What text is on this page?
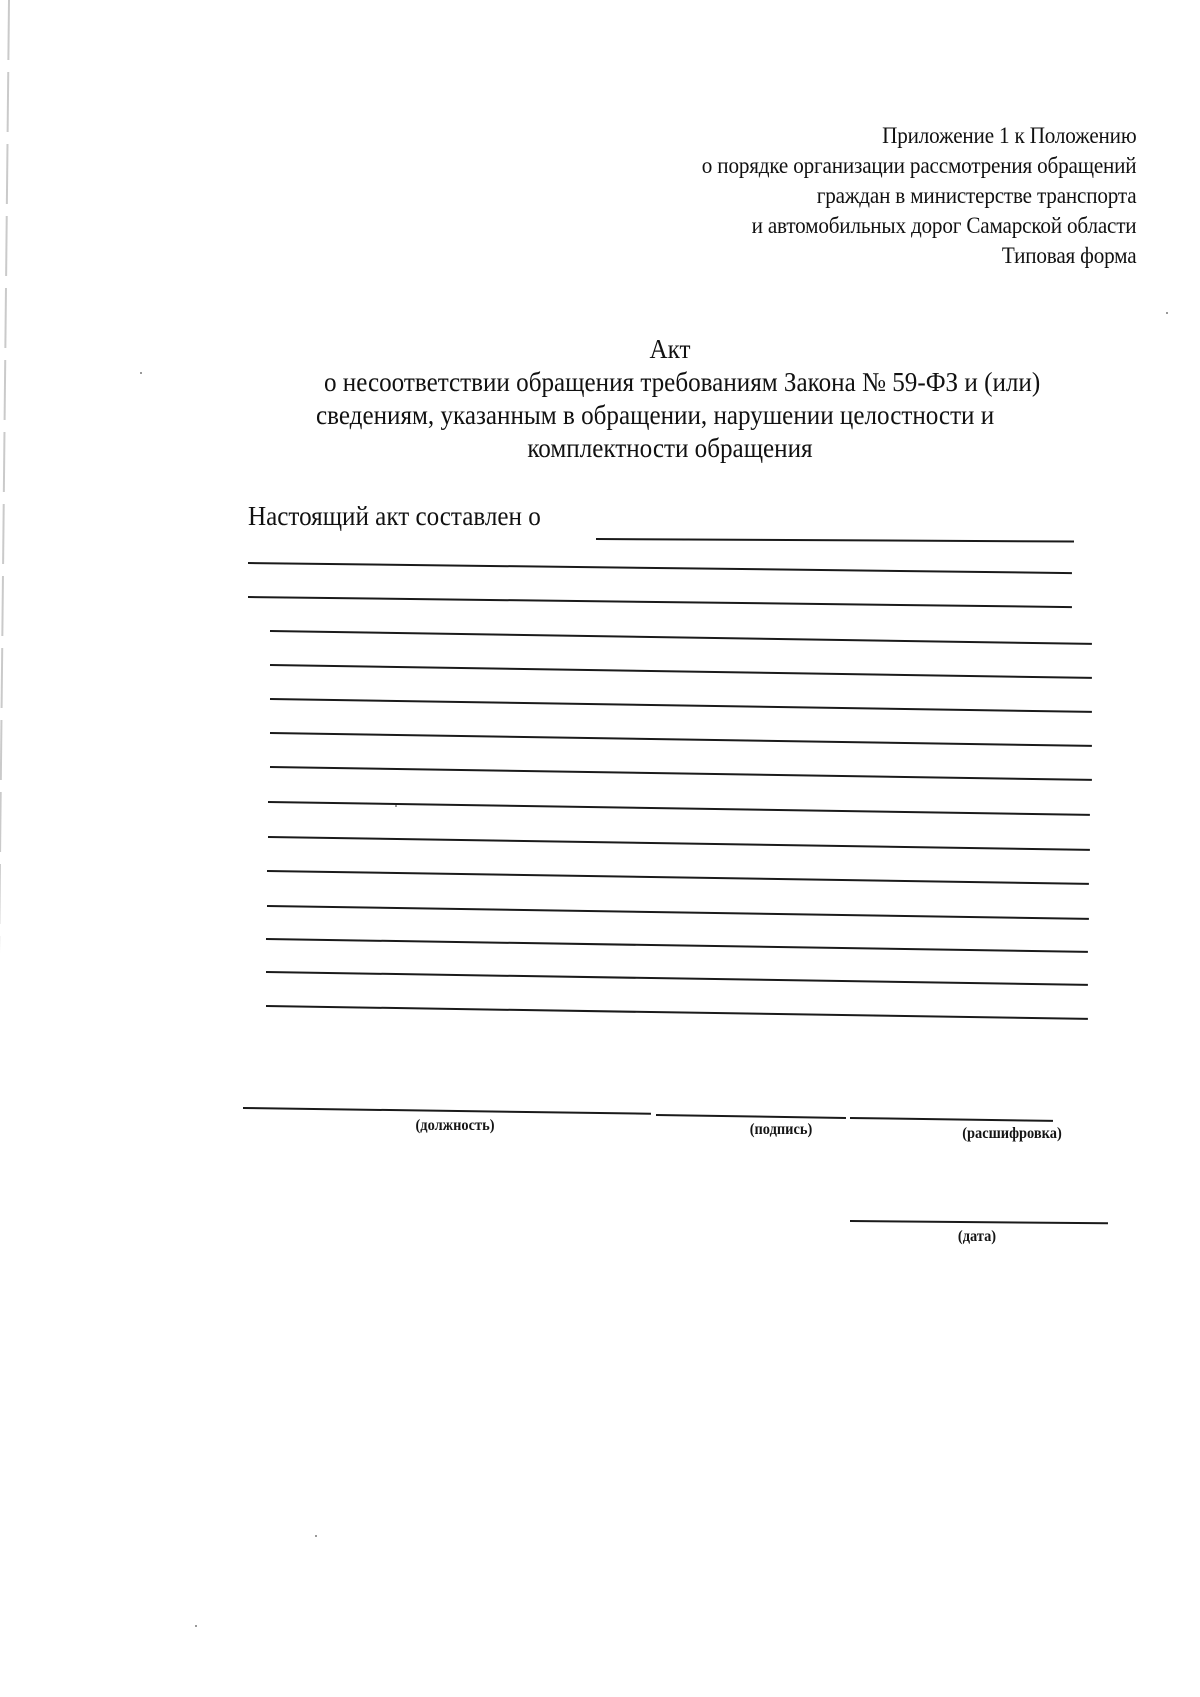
Приложение 1 к Положению
о порядке организации рассмотрения обращений
граждан в министерстве транспорта
и автомобильных дорог Самарской области
Типовая форма
Акт
о несоответствии обращения требованиям Закона № 59-ФЗ и (или)
сведениям, указанным в обращении, нарушении целостности и
комплектности обращения
Настоящий акт составлен о
(должность)	(подпись)	(расшифровка)
(дата)
